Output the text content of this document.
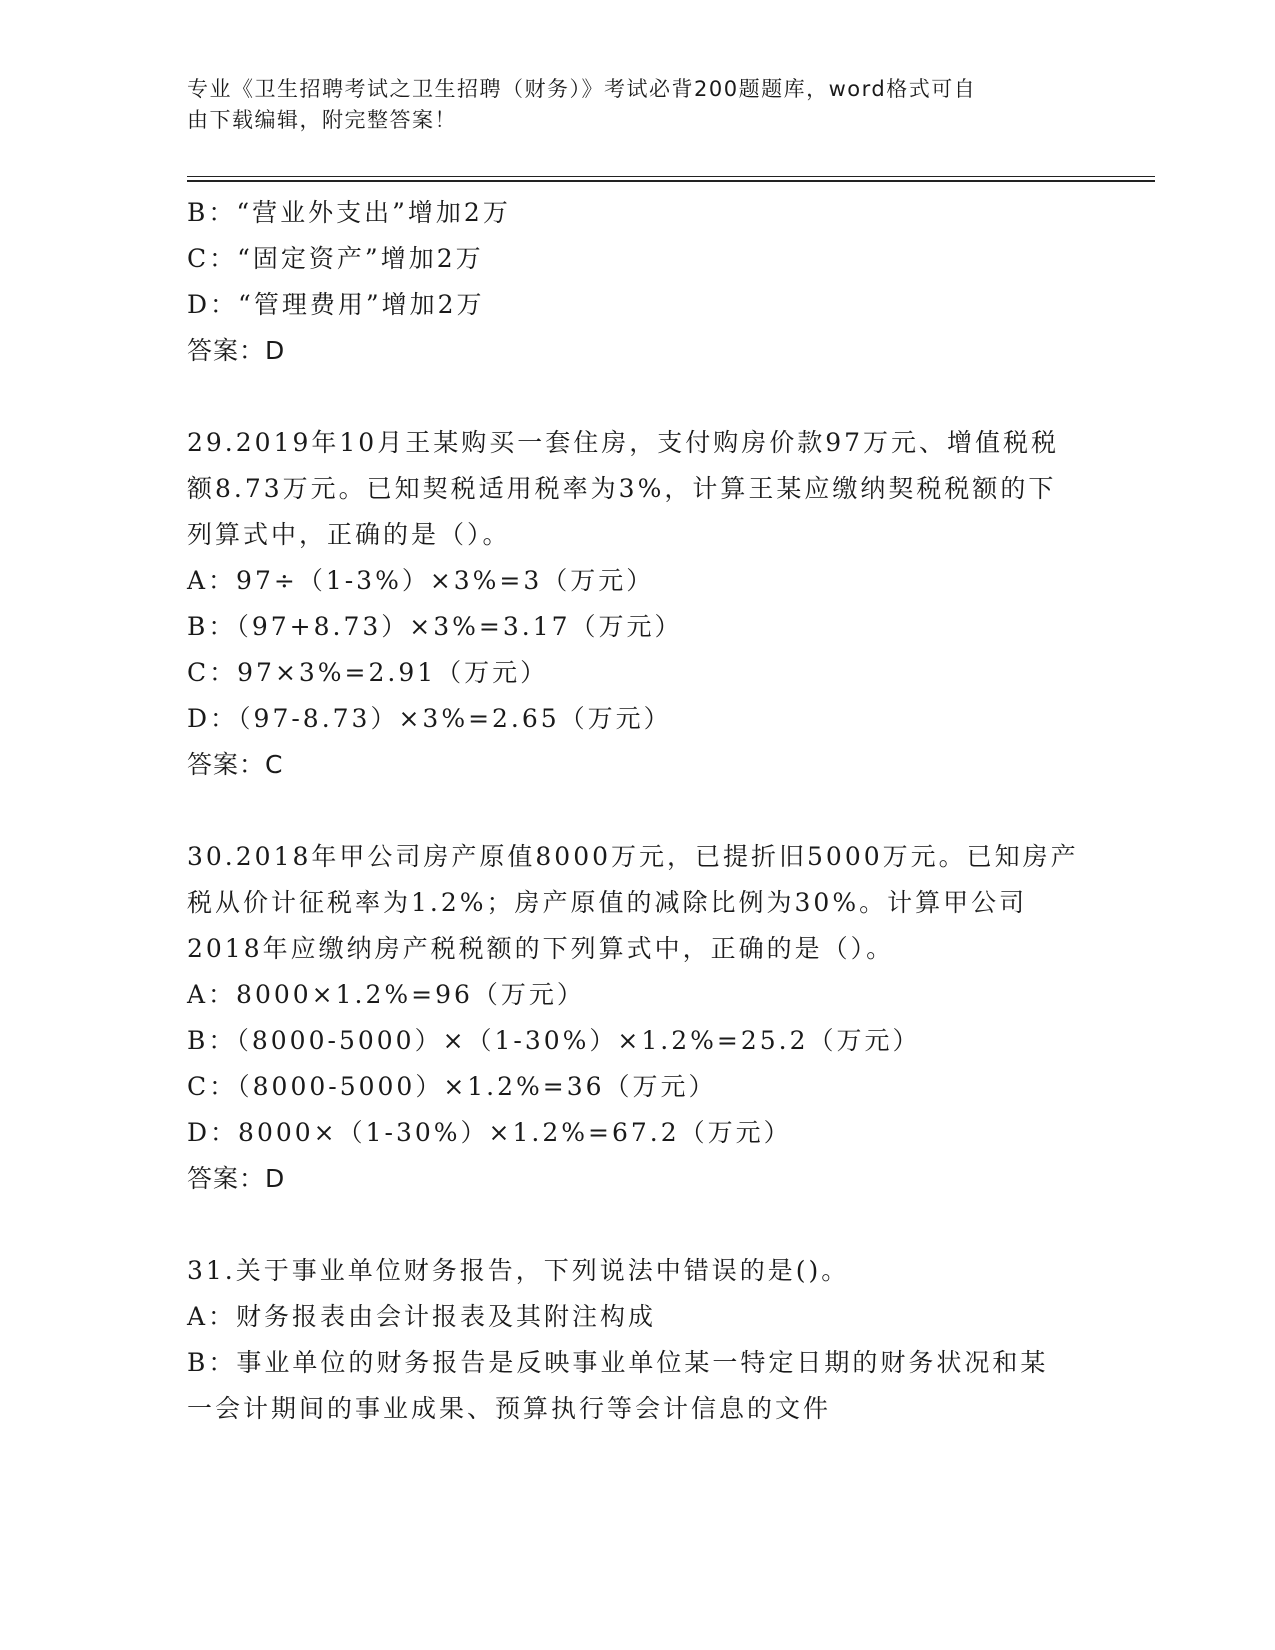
专业《卫生招聘考试之卫生招聘（财务）》考试必背200题题库，word格式可自
由下载编辑，附完整答案！
B：“营业外支出”增加2万
C：“固定资产”增加2万
D：“管理费用”增加2万
答案：D
29.2019年10月王某购买一套住房，支付购房价款97万元、增值税税
额8.73万元。已知契税适用税率为3%，计算王某应缴纳契税税额的下
列算式中，正确的是（）。
A：97÷（1-3%）×3%=3（万元）
B：（97+8.73）×3%=3.17（万元）
C：97×3%=2.91（万元）
D：（97-8.73）×3%=2.65（万元）
答案：C
30.2018年甲公司房产原值8000万元，已提折旧5000万元。已知房产
税从价计征税率为1.2%；房产原值的减除比例为30%。计算甲公司
2018年应缴纳房产税税额的下列算式中，正确的是（）。
A：8000×1.2%=96（万元）
B：（8000-5000）×（1-30%）×1.2%=25.2（万元）
C：（8000-5000）×1.2%=36（万元）
D：8000×（1-30%）×1.2%=67.2（万元）
答案：D
31.关于事业单位财务报告，下列说法中错误的是()。
A：财务报表由会计报表及其附注构成
B：事业单位的财务报告是反映事业单位某一特定日期的财务状况和某
一会计期间的事业成果、预算执行等会计信息的文件
